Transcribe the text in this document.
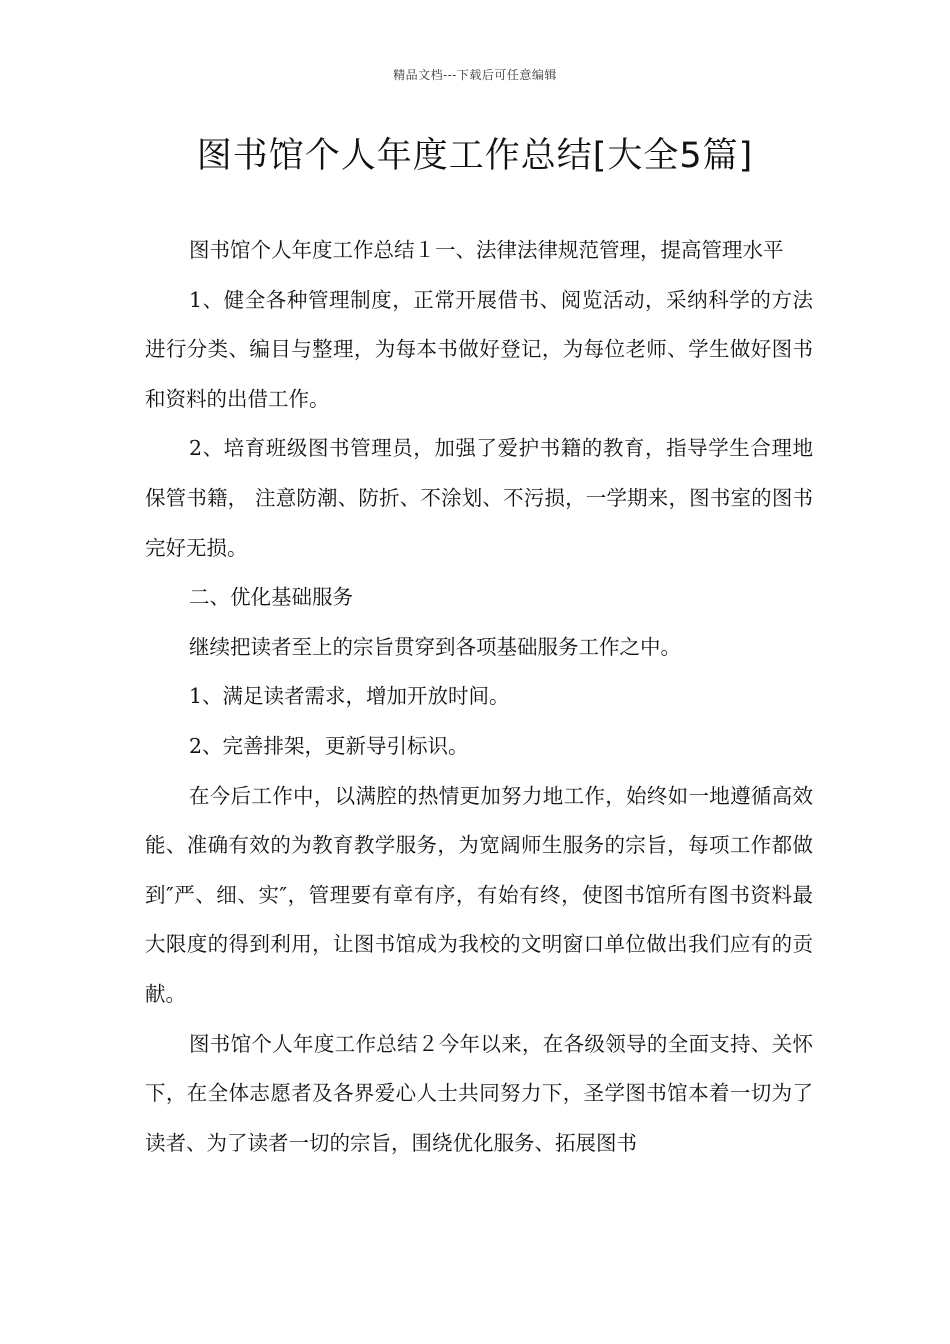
精品文档---下载后可任意编辑
图书馆个人年度工作总结[大全5篇]

图书馆个人年度工作总结１一、法律法律规范管理，提高管理水平

1、健全各种管理制度，正常开展借书、阅览活动，采纳科学的方法进行分类、编目与整理，为每本书做好登记，为每位老师、学生做好图书和资料的出借工作。

2、培育班级图书管理员，加强了爱护书籍的教育，指导学生合理地保管书籍， 注意防潮、防折、不涂划、不污损，一学期来，图书室的图书完好无损。

二、优化基础服务

继续把读者至上的宗旨贯穿到各项基础服务工作之中。

1、满足读者需求，增加开放时间。

2、完善排架，更新导引标识。

在今后工作中，以满腔的热情更加努力地工作，始终如一地遵循高效能、准确有效的为教育教学服务，为宽阔师生服务的宗旨，每项工作都做到″严、细、实″，管理要有章有序，有始有终，使图书馆所有图书资料最大限度的得到利用，让图书馆成为我校的文明窗口单位做出我们应有的贡献。

图书馆个人年度工作总结２今年以来，在各级领导的全面支持、关怀下，在全体志愿者及各界爱心人士共同努力下，圣学图书馆本着一切为了读者、为了读者一切的宗旨，围绕优化服务、拓展图书
